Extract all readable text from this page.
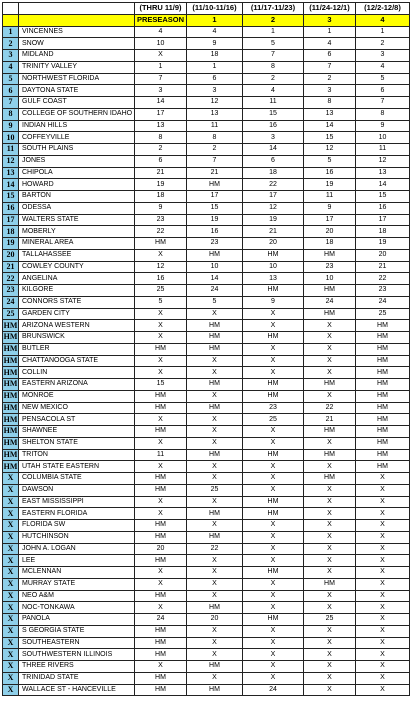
		(THRU 11/9)	(11/10-11/16)	(11/17-11/23)	(11/24-12/1)	(12/2-12/8)
		PRESEASON	1	2	3	4
1	VINCENNES	4	4	1	1	1
2	SNOW	10	9	5	4	2
3	MIDLAND	X	18	7	6	3
4	TRINITY VALLEY	1	1	8	7	4
5	NORTHWEST FLORIDA	7	6	2	2	5
6	DAYTONA STATE	3	3	4	3	6
7	GULF COAST	14	12	11	8	7
8	COLLEGE OF SOUTHERN IDAHO	17	13	15	13	8
9	INDIAN HILLS	13	11	16	14	9
10	COFFEYVILLE	8	8	3	15	10
11	SOUTH PLAINS	2	2	14	12	11
12	JONES	6	7	6	5	12
13	CHIPOLA	21	21	18	16	13
14	HOWARD	19	HM	22	19	14
15	BARTON	18	17	17	11	15
16	ODESSA	9	15	12	9	16
17	WALTERS STATE	23	19	19	17	17
18	MOBERLY	22	16	21	20	18
19	MINERAL AREA	HM	23	20	18	19
20	TALLAHASSEE	X	HM	HM	HM	20
21	COWLEY COUNTY	12	10	10	23	21
22	ANGELINA	16	14	13	10	22
23	KILGORE	25	24	HM	HM	23
24	CONNORS STATE	5	5	9	24	24
25	GARDEN CITY	X	X	X	HM	25
HM	ARIZONA WESTERN	X	HM	X	X	HM
HM	BRUNSWICK	X	HM	HM	X	HM
HM	BUTLER	HM	HM	X	X	HM
HM	CHATTANOOGA STATE	X	X	X	X	HM
HM	COLLIN	X	X	X	X	HM
HM	EASTERN ARIZONA	15	HM	HM	HM	HM
HM	MONROE	HM	X	HM	X	HM
HM	NEW MEXICO	HM	HM	23	22	HM
HM	PENSACOLA ST	X	X	25	21	HM
HM	SHAWNEE	HM	X	X	HM	HM
HM	SHELTON STATE	X	X	X	X	HM
HM	TRITON	11	HM	HM	HM	HM
HM	UTAH STATE EASTERN	X	X	X	X	HM
X	COLUMBIA STATE	HM	X	X	HM	X
X	DAWSON	HM	25	X	X	X
X	EAST MISSISSIPPI	X	X	HM	X	X
X	EASTERN FLORIDA	X	HM	HM	X	X
X	FLORIDA SW	HM	X	X	X	X
X	HUTCHINSON	HM	HM	X	X	X
X	JOHN A. LOGAN	20	22	X	X	X
X	LEE	HM	X	X	X	X
X	MCLENNAN	X	X	HM	X	X
X	MURRAY STATE	X	X	X	HM	X
X	NEO A&M	HM	X	X	X	X
X	NOC-TONKAWA	X	HM	X	X	X
X	PANOLA	24	20	HM	25	X
X	S GEORGIA STATE	HM	X	X	X	X
X	SOUTHEASTERN	HM	X	X	X	X
X	SOUTHWESTERN ILLINOIS	HM	X	X	X	X
X	THREE RIVERS	X	HM	X	X	X
X	TRINIDAD STATE	HM	X	X	X	X
X	WALLACE ST - HANCEVILLE	HM	HM	24	X	X
